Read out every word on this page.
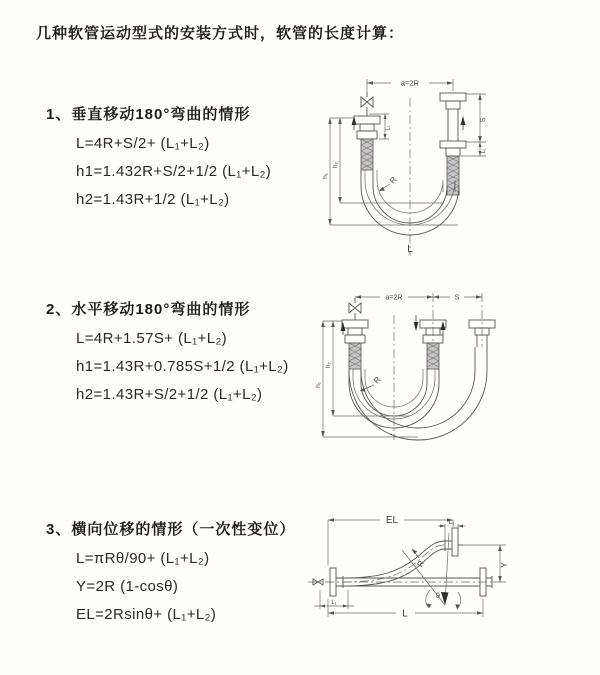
几种软管运动型式的安装方式时，软管的长度计算：
1、垂直移动180°弯曲的情形
L=4R+S/2+ (L₁+L₂)
h1=1.432R+S/2+1/2 (L₁+L₂)
h2=1.43R+1/2 (L₁+L₂)
2、水平移动180°弯曲的情形
L=4R+1.57S+ (L₁+L₂)
h1=1.43R+0.785S+1/2 (L₁+L₂)
h2=1.43R+S/2+1/2 (L₁+L₂)
3、横向位移的情形（一次性变位）
L=πRθ/90+ (L₁+L₂)
Y=2R (1-cosθ)
EL=2Rsinθ+ (L₁+L₂)
a=2R
h₁
h₂
S
L₁
L₁
R
L
a=2R	S
h₁
h₂
R
EL	L₁
Y
L
L₁
θ
R
